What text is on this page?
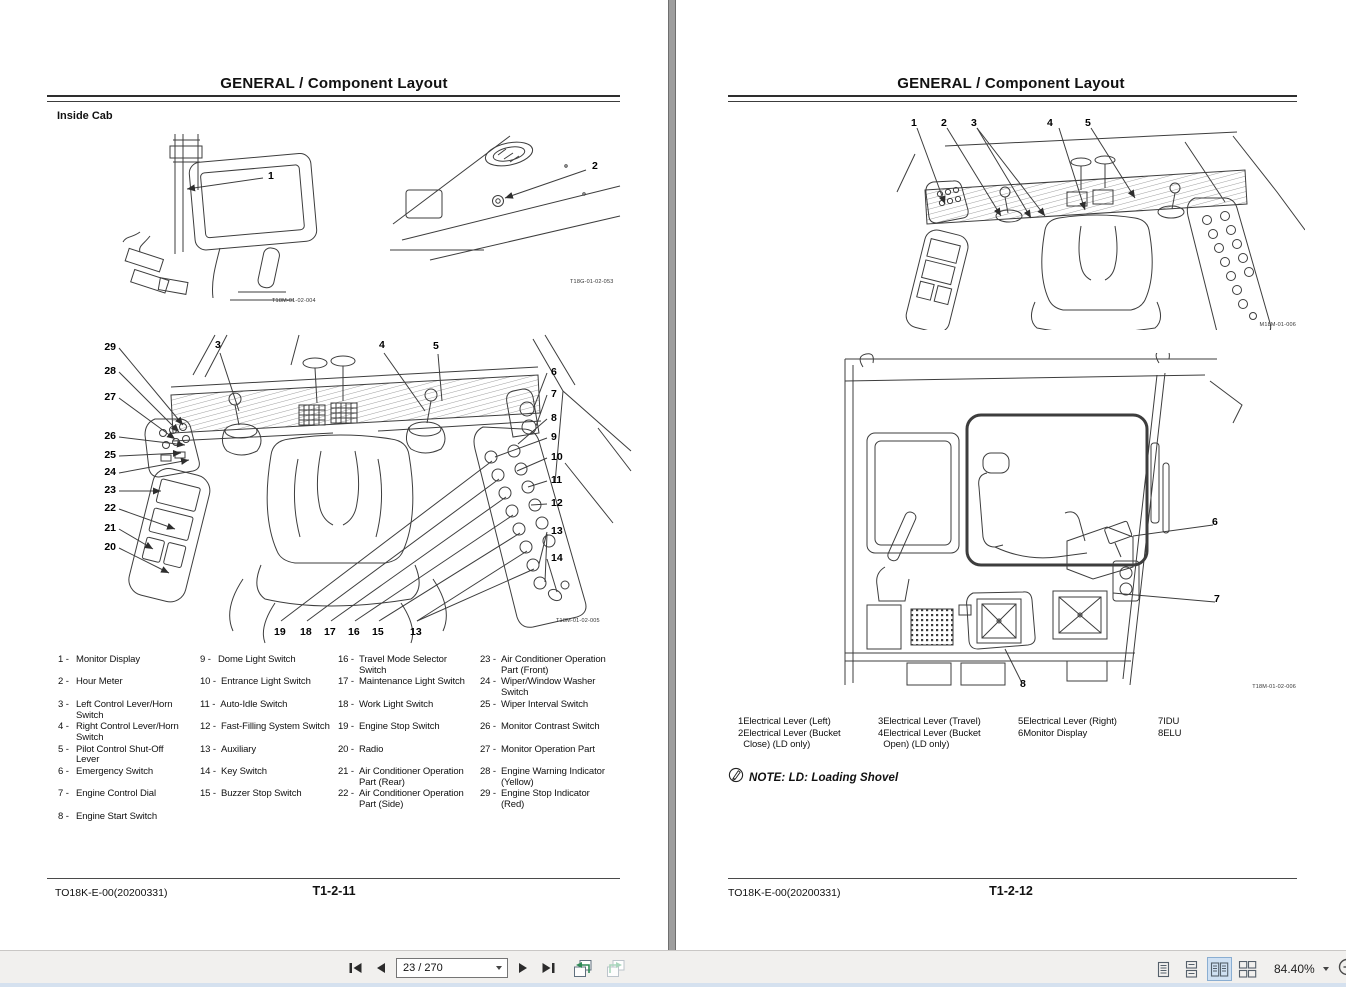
GENERAL / Component Layout
Inside Cab
1
T18M-01-02-004
2
T18G-01-02-053
29
28
27
26
25
24
23
22
21
20
3	4	5
6
7
8
9
10
11
12
13
14
19 18 17 16 15	13
T18M-01-02-005
1 -	Monitor Display
2 -	Hour Meter
3 -	Left Control Lever/Horn Switch
4 -	Right Control Lever/Horn Switch
5 -	Pilot Control Shut-Off Lever
6 -	Emergency Switch
7 -	Engine Control Dial
8 -	Engine Start Switch
9 -	Dome Light Switch
10 -	Entrance Light Switch
11 -	Auto-Idle Switch
12 -	Fast-Filling System Switch
13 -	Auxiliary
14 -	Key Switch
15 -	Buzzer Stop Switch
16 -	Travel Mode Selector Switch
17 -	Maintenance Light Switch
18 -	Work Light Switch
19 -	Engine Stop Switch
20 -	Radio
21 -	Air Conditioner Operation Part (Rear)
22 -	Air Conditioner Operation Part (Side)
23 -	Air Conditioner Operation Part (Front)
24 -	Wiper/Window Washer Switch
25 -	Wiper Interval Switch
26 -	Monitor Contrast Switch
27 -	Monitor Operation Part
28 -	Engine Warning Indicator (Yellow)
29 -	Engine Stop Indicator (Red)
TO18K-E-00(20200331)	T1-2-11
GENERAL / Component Layout
1 2 3	4	5
M18M-01-006
6
7
8	T18M-01-02-006
1 Electrical Lever (Left)
2 Electrical Lever (Bucket Close) (LD only)
3 Electrical Lever (Travel)
4 Electrical Lever (Bucket Open) (LD only)
5 Electrical Lever (Right)
6 Monitor Display
7 IDU
8 ELU
NOTE: LD: Loading Shovel
TO18K-E-00(20200331)	T1-2-12
23 / 270	84.40%
